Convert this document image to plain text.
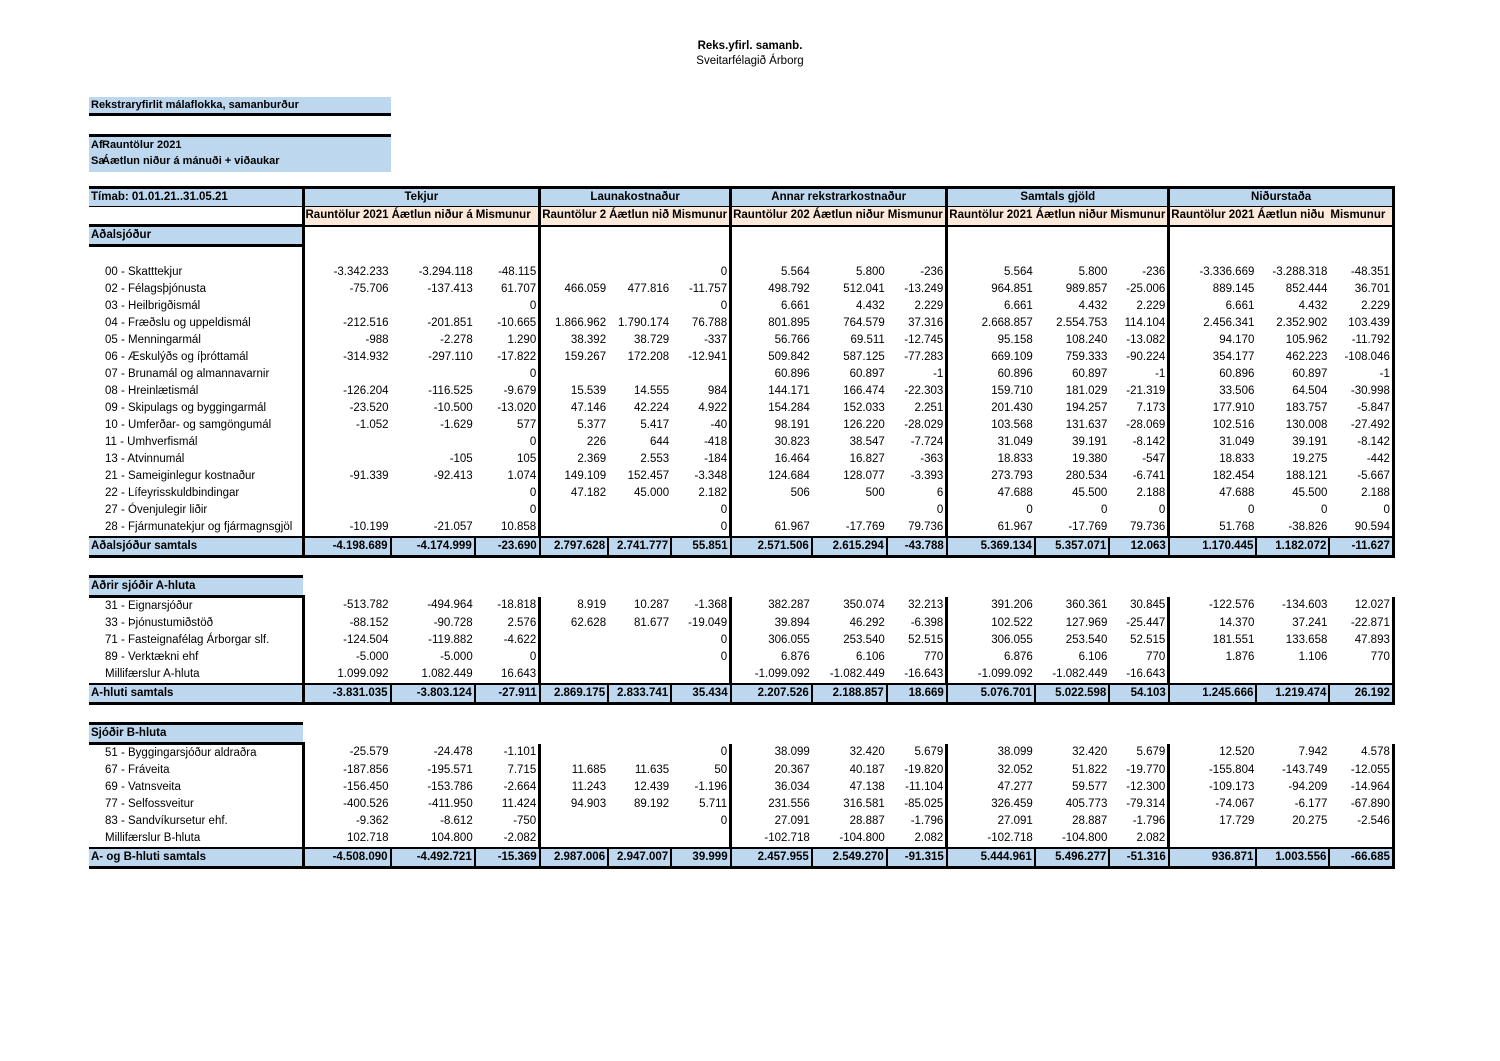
Reks.yfirl. samanb.
Sveitarfélagið Árborg
Rekstraryfirlit málaflokka, samanburður
AfRauntölur 2021
SaÁætlun niður á mánuði + viðaukar
Tímab: 01.01.21..31.05.21	Tekjur			Launakostnaður			Annar rekstrarkostnaður			Samtals gjöld			Niðurstaða		
	Rauntölur 2021	Áætlun niður á	Mismunur	Rauntölur 2	Áætlun nið	Mismunur	Rauntölur 202	Áætlun niður	Mismunur	Rauntölur 2021	Áætlun niður	Mismunur	Rauntölur 2021	Áætlun niðu	Mismunur
Aðalsjóður															

00 - Skatttekjur	-3.342.233	-3.294.118	-48.115			0	5.564	5.800	-236	5.564	5.800	-236	-3.336.669	-3.288.318	-48.351
02 - Félagsþjónusta	-75.706	-137.413	61.707	466.059	477.816	-11.757	498.792	512.041	-13.249	964.851	989.857	-25.006	889.145	852.444	36.701
03 - Heilbrigðismál			0			0	6.661	4.432	2.229	6.661	4.432	2.229	6.661	4.432	2.229
04 - Fræðslu og uppeldismál	-212.516	-201.851	-10.665	1.866.962	1.790.174	76.788	801.895	764.579	37.316	2.668.857	2.554.753	114.104	2.456.341	2.352.902	103.439
05 - Menningarmál	-988	-2.278	1.290	38.392	38.729	-337	56.766	69.511	-12.745	95.158	108.240	-13.082	94.170	105.962	-11.792
06 - Æskulýðs og íþróttamál	-314.932	-297.110	-17.822	159.267	172.208	-12.941	509.842	587.125	-77.283	669.109	759.333	-90.224	354.177	462.223	-108.046
07 - Brunamál og almannavarnir			0				60.896	60.897	-1	60.896	60.897	-1	60.896	60.897	-1
08 - Hreinlætismál	-126.204	-116.525	-9.679	15.539	14.555	984	144.171	166.474	-22.303	159.710	181.029	-21.319	33.506	64.504	-30.998
09 - Skipulags og byggingarmál	-23.520	-10.500	-13.020	47.146	42.224	4.922	154.284	152.033	2.251	201.430	194.257	7.173	177.910	183.757	-5.847
10 - Umferðar- og samgöngumál	-1.052	-1.629	577	5.377	5.417	-40	98.191	126.220	-28.029	103.568	131.637	-28.069	102.516	130.008	-27.492
11 - Umhverfismál			0	226	644	-418	30.823	38.547	-7.724	31.049	39.191	-8.142	31.049	39.191	-8.142
13 - Atvinnumál		-105	105	2.369	2.553	-184	16.464	16.827	-363	18.833	19.380	-547	18.833	19.275	-442
21 - Sameiginlegur kostnaður	-91.339	-92.413	1.074	149.109	152.457	-3.348	124.684	128.077	-3.393	273.793	280.534	-6.741	182.454	188.121	-5.667
22 - Lífeyrisskuldbindingar			0	47.182	45.000	2.182	506	500	6	47.688	45.500	2.188	47.688	45.500	2.188
27 - Óvenjulegir liðir			0			0			0	0	0	0	0	0	0
28 - Fjármunatekjur og fjármagnsgjöl	-10.199	-21.057	10.858			0	61.967	-17.769	79.736	61.967	-17.769	79.736	51.768	-38.826	90.594
Aðalsjóður samtals	-4.198.689	-4.174.999	-23.690	2.797.628	2.741.777	55.851	2.571.506	2.615.294	-43.788	5.369.134	5.357.071	12.063	1.170.445	1.182.072	-11.627

Aðrir sjóðir A-hluta															
31 - Eignarsjóður	-513.782	-494.964	-18.818	8.919	10.287	-1.368	382.287	350.074	32.213	391.206	360.361	30.845	-122.576	-134.603	12.027
33 - Þjónustumiðstöð	-88.152	-90.728	2.576	62.628	81.677	-19.049	39.894	46.292	-6.398	102.522	127.969	-25.447	14.370	37.241	-22.871
71 - Fasteignafélag Árborgar slf.	-124.504	-119.882	-4.622			0	306.055	253.540	52.515	306.055	253.540	52.515	181.551	133.658	47.893
89 - Verktækni ehf	-5.000	-5.000	0			0	6.876	6.106	770	6.876	6.106	770	1.876	1.106	770
Millifærslur A-hluta	1.099.092	1.082.449	16.643				-1.099.092	-1.082.449	-16.643	-1.099.092	-1.082.449	-16.643			
A-hluti samtals	-3.831.035	-3.803.124	-27.911	2.869.175	2.833.741	35.434	2.207.526	2.188.857	18.669	5.076.701	5.022.598	54.103	1.245.666	1.219.474	26.192

Sjóðir B-hluta															
51 - Byggingarsjóður aldraðra	-25.579	-24.478	-1.101			0	38.099	32.420	5.679	38.099	32.420	5.679	12.520	7.942	4.578
67 - Fráveita	-187.856	-195.571	7.715	11.685	11.635	50	20.367	40.187	-19.820	32.052	51.822	-19.770	-155.804	-143.749	-12.055
69 - Vatnsveita	-156.450	-153.786	-2.664	11.243	12.439	-1.196	36.034	47.138	-11.104	47.277	59.577	-12.300	-109.173	-94.209	-14.964
77 - Selfossveitur	-400.526	-411.950	11.424	94.903	89.192	5.711	231.556	316.581	-85.025	326.459	405.773	-79.314	-74.067	-6.177	-67.890
83 - Sandvíkursetur ehf.	-9.362	-8.612	-750			0	27.091	28.887	-1.796	27.091	28.887	-1.796	17.729	20.275	-2.546
Millifærslur B-hluta	102.718	104.800	-2.082				-102.718	-104.800	2.082	-102.718	-104.800	2.082			
A- og B-hluti samtals	-4.508.090	-4.492.721	-15.369	2.987.006	2.947.007	39.999	2.457.955	2.549.270	-91.315	5.444.961	5.496.277	-51.316	936.871	1.003.556	-66.685
